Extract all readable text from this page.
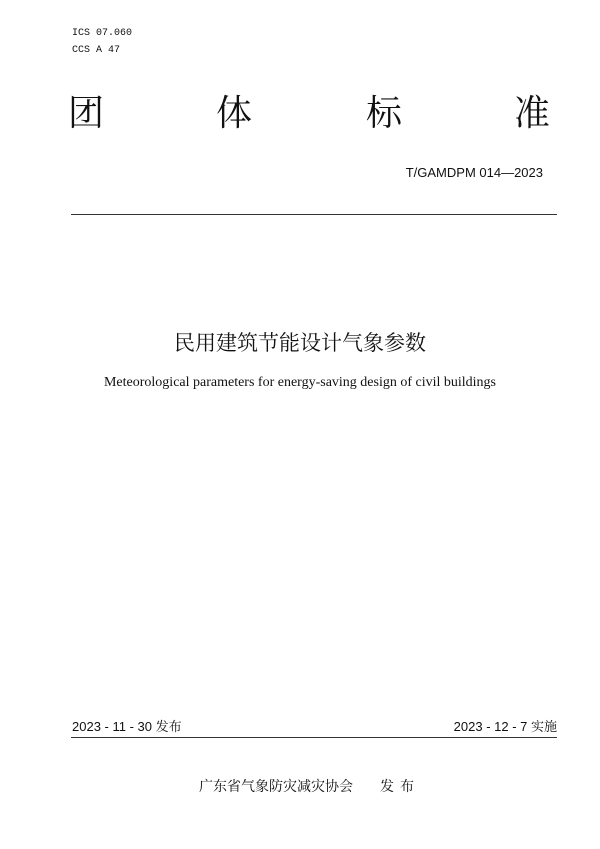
ICS 07.060
CCS A 47
团	体	标	准
T/GAMDPM 014—2023
民用建筑节能设计气象参数
Meteorological parameters for energy-saving design of civil buildings
2023 - 11 - 30 发布	2023 - 12 - 7 实施
广东省气象防灾减灾协会 发布
